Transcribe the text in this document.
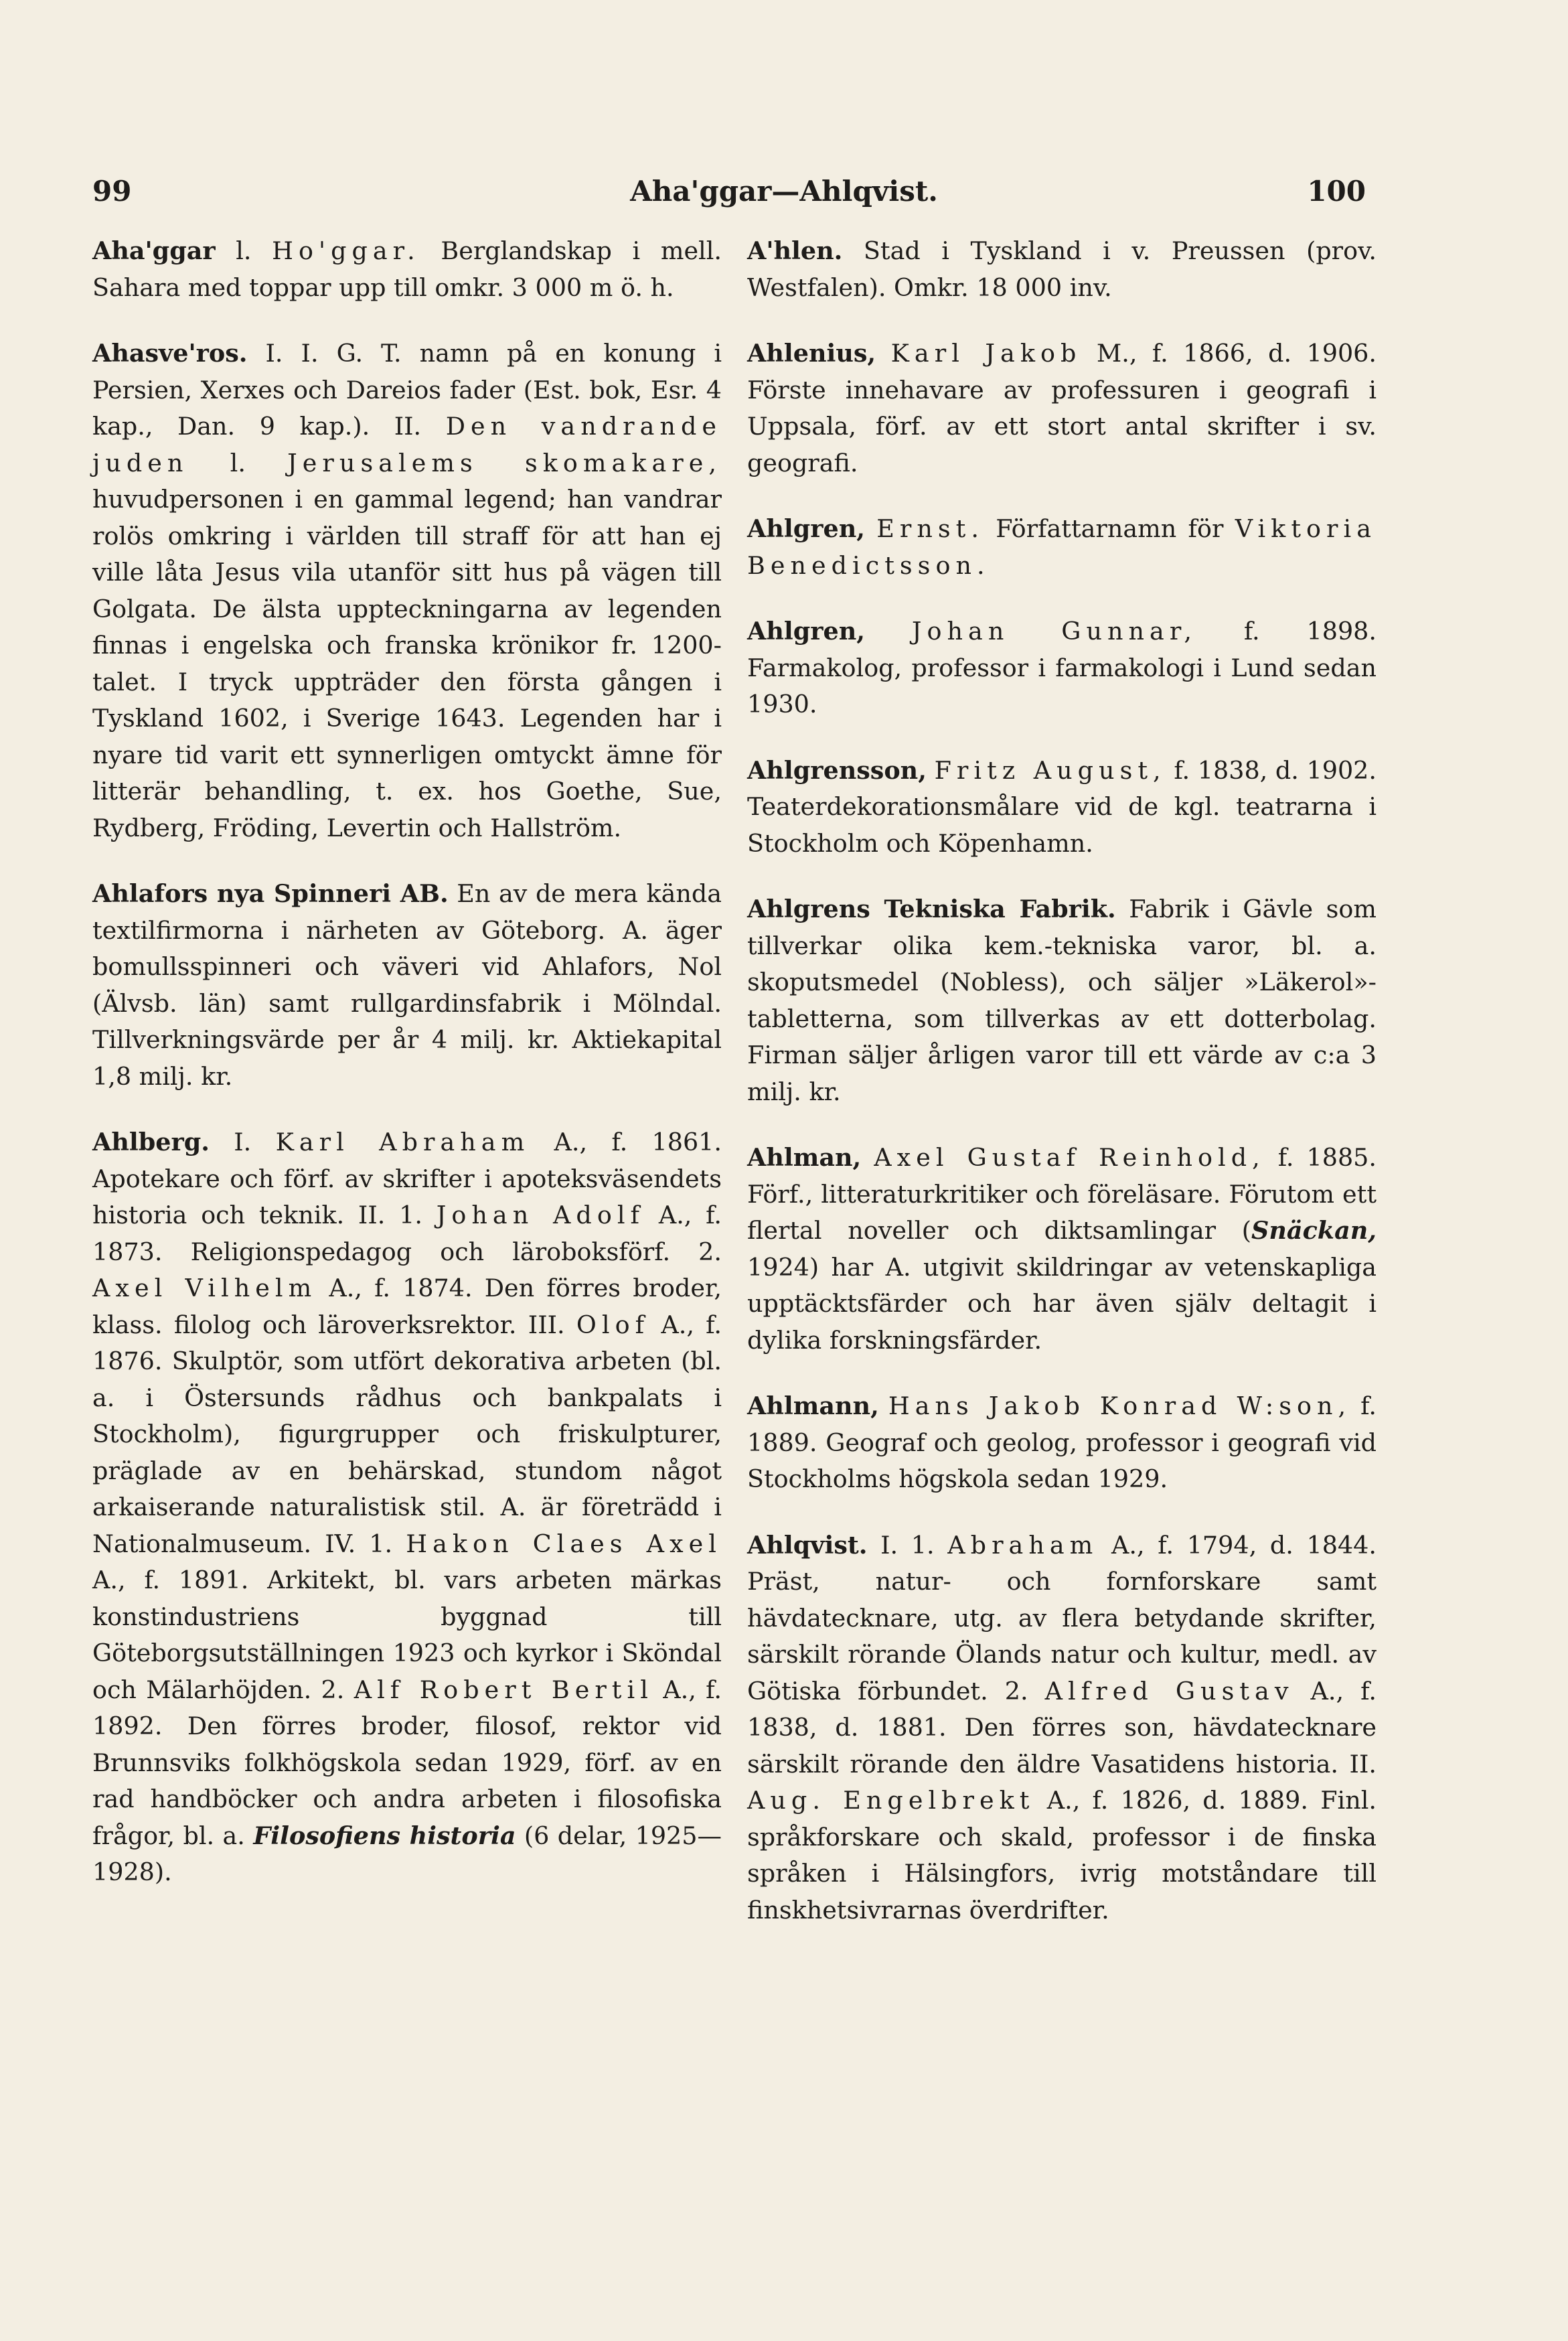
99	Aha'ggar—Ahlqvist.	100

Aha'ggar l. Ho'ggar. Berglandskap i mell. Sahara med toppar upp till omkr. 3 000 m ö. h.

Ahasve'ros. I. I. G. T. namn på en konung i Persien, Xerxes och Dareios fader (Est. bok, Esr. 4 kap., Dan. 9 kap.). II. Den vandrande juden l. Jerusalems skomakare, huvudpersonen i en gammal legend; han vandrar rolös omkring i världen till straff för att han ej ville låta Jesus vila utanför sitt hus på vägen till Golgata. De älsta uppteckningarna av legenden finnas i engelska och franska krönikor fr. 1200-talet. I tryck uppträder den första gången i Tyskland 1602, i Sverige 1643. Legenden har i nyare tid varit ett synnerligen omtyckt ämne för litterär behandling, t. ex. hos Goethe, Sue, Rydberg, Fröding, Levertin och Hallström.

Ahlafors nya Spinneri AB. En av de mera kända textilfirmorna i närheten av Göteborg. A. äger bomullsspinneri och väveri vid Ahlafors, Nol (Älvsb. län) samt rullgardinsfabrik i Mölndal. Tillverkningsvärde per år 4 milj. kr. Aktiekapital 1,8 milj. kr.

Ahlberg. I. Karl Abraham A., f. 1861. Apotekare och förf. av skrifter i apoteksväsendets historia och teknik. II. 1. Johan Adolf A., f. 1873. Religionspedagog och läroboksförf. 2. Axel Vilhelm A., f. 1874. Den förres broder, klass. filolog och läroverksrektor. III. Olof A., f. 1876. Skulptör, som utfört dekorativa arbeten (bl. a. i Östersunds rådhus och bankpalats i Stockholm), figurgrupper och friskulpturer, präglade av en behärskad, stundom något arkaiserande naturalistisk stil. A. är företrädd i Nationalmuseum. IV. 1. Hakon Claes Axel A., f. 1891. Arkitekt, bl. vars arbeten märkas konstindustriens byggnad till Göteborgsutställningen 1923 och kyrkor i Sköndal och Mälarhöjden. 2. Alf Robert Bertil A., f. 1892. Den förres broder, filosof, rektor vid Brunnsviks folkhögskola sedan 1929, förf. av en rad handböcker och andra arbeten i filosofiska frågor, bl. a. Filosofiens historia (6 delar, 1925—1928).

A'hlen. Stad i Tyskland i v. Preussen (prov. Westfalen). Omkr. 18 000 inv.

Ahlenius, Karl Jakob M., f. 1866, d. 1906. Förste innehavare av professuren i geografi i Uppsala, förf. av ett stort antal skrifter i sv. geografi.

Ahlgren, Ernst. Författarnamn för Viktoria Benedictsson.

Ahlgren, Johan Gunnar, f. 1898. Farmakolog, professor i farmakologi i Lund sedan 1930.

Ahlgrensson, Fritz August, f. 1838, d. 1902. Teaterdekorationsmålare vid de kgl. teatrarna i Stockholm och Köpenhamn.

Ahlgrens Tekniska Fabrik. Fabrik i Gävle som tillverkar olika kem.-tekniska varor, bl. a. skoputsmedel (Nobless), och säljer »Läkerol»-tabletterna, som tillverkas av ett dotterbolag. Firman säljer årligen varor till ett värde av c:a 3 milj. kr.

Ahlman, Axel Gustaf Reinhold, f. 1885. Förf., litteraturkritiker och föreläsare. Förutom ett flertal noveller och diktsamlingar (Snäckan, 1924) har A. utgivit skildringar av vetenskapliga upptäcktsfärder och har även själv deltagit i dylika forskningsfärder.

Ahlmann, Hans Jakob Konrad W:son, f. 1889. Geograf och geolog, professor i geografi vid Stockholms högskola sedan 1929.

Ahlqvist. I. 1. Abraham A., f. 1794, d. 1844. Präst, natur- och fornforskare samt hävdatecknare, utg. av flera betydande skrifter, särskilt rörande Ölands natur och kultur, medl. av Götiska förbundet. 2. Alfred Gustav A., f. 1838, d. 1881. Den förres son, hävdatecknare särskilt rörande den äldre Vasatidens historia. II. Aug. Engelbrekt A., f. 1826, d. 1889. Finl. språkforskare och skald, professor i de finska språken i Hälsingfors, ivrig motståndare till finskhetsivrarnas överdrifter.
